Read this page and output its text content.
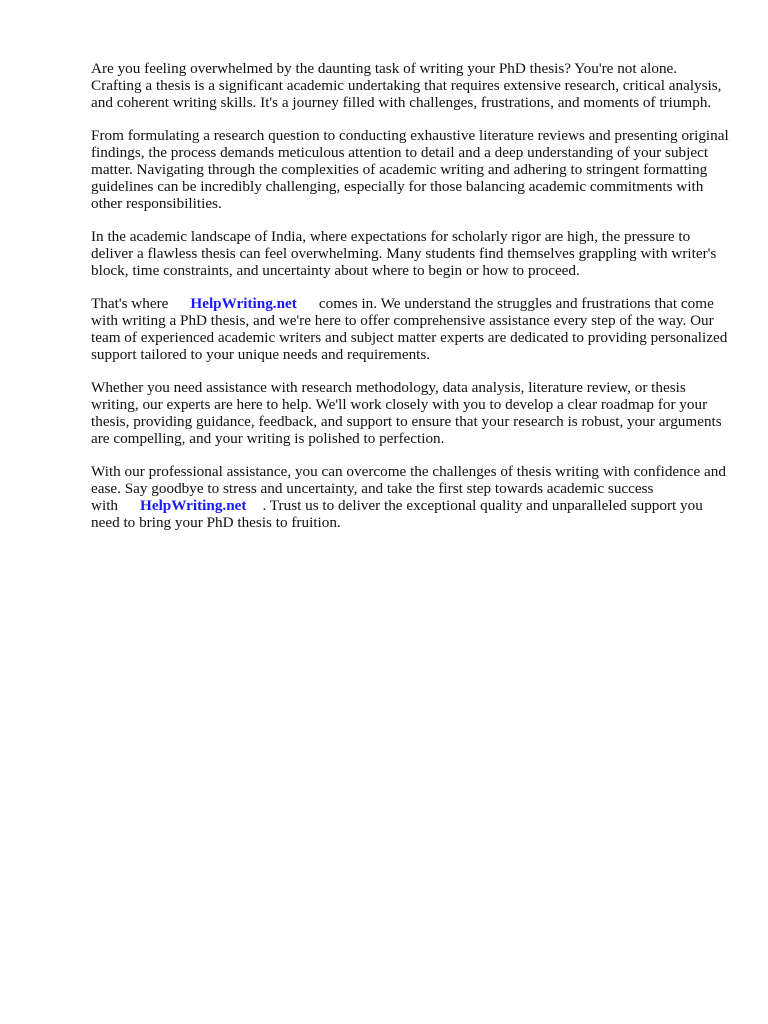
Are you feeling overwhelmed by the daunting task of writing your PhD thesis? You're not alone. Crafting a thesis is a significant academic undertaking that requires extensive research, critical analysis, and coherent writing skills. It's a journey filled with challenges, frustrations, and moments of triumph.

From formulating a research question to conducting exhaustive literature reviews and presenting original findings, the process demands meticulous attention to detail and a deep understanding of your subject matter. Navigating through the complexities of academic writing and adhering to stringent formatting guidelines can be incredibly challenging, especially for those balancing academic commitments with other responsibilities.

In the academic landscape of India, where expectations for scholarly rigor are high, the pressure to deliver a flawless thesis can feel overwhelming. Many students find themselves grappling with writer's block, time constraints, and uncertainty about where to begin or how to proceed.

That's where HelpWriting.net comes in. We understand the struggles and frustrations that come with writing a PhD thesis, and we're here to offer comprehensive assistance every step of the way. Our team of experienced academic writers and subject matter experts are dedicated to providing personalized support tailored to your unique needs and requirements.

Whether you need assistance with research methodology, data analysis, literature review, or thesis writing, our experts are here to help. We'll work closely with you to develop a clear roadmap for your thesis, providing guidance, feedback, and support to ensure that your research is robust, your arguments are compelling, and your writing is polished to perfection.

With our professional assistance, you can overcome the challenges of thesis writing with confidence and ease. Say goodbye to stress and uncertainty, and take the first step towards academic success with HelpWriting.net . Trust us to deliver the exceptional quality and unparalleled support you need to bring your PhD thesis to fruition.
